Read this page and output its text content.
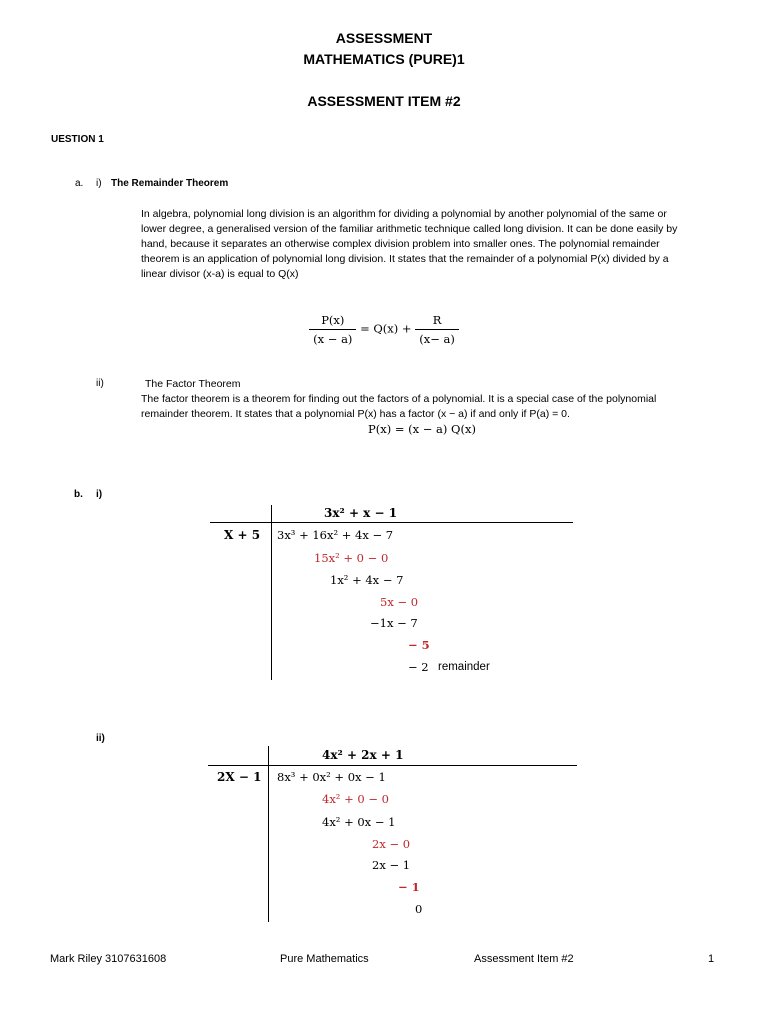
ASSESSMENT
MATHEMATICS (PURE)1
ASSESSMENT ITEM #2
UESTION 1
a. i) The Remainder Theorem
In algebra, polynomial long division is an algorithm for dividing a polynomial by another polynomial of the same or
lower degree, a generalised version of the familiar arithmetic technique called long division. It can be done easily by
hand, because it separates an otherwise complex division problem into smaller ones. The polynomial remainder
theorem is an application of polynomial long division. It states that the remainder of a polynomial P(x) divided by a
linear divisor (x-a) is equal to Q(x)
$\frac{P(x)}{(x - a)} = Q(x) + \frac{R}{(x- a)}$
ii)	The Factor Theorem
The factor theorem is a theorem for finding out the factors of a polynomial. It is a special case of the polynomial
remainder theorem. It states that a polynomial P(x) has a factor (x − a) if and only if P(a) = 0.
P(x) = (x − a) Q(x)
b. i)
3x² + x − 1
X + 5 3x³ + 16x² + 4x − 7
15x² + 0 − 0
1x² + 4x − 7
5x − 0
−1x − 7
− 5
− 2 remainder
ii)
4x² + 2x + 1
2X − 1 8x³ + 0x² + 0x − 1
4x² + 0 − 0
4x² + 0x − 1
2x − 0
2x − 1
− 1
0
Mark Riley 3107631608	Pure Mathematics	Assessment Item #2	1
